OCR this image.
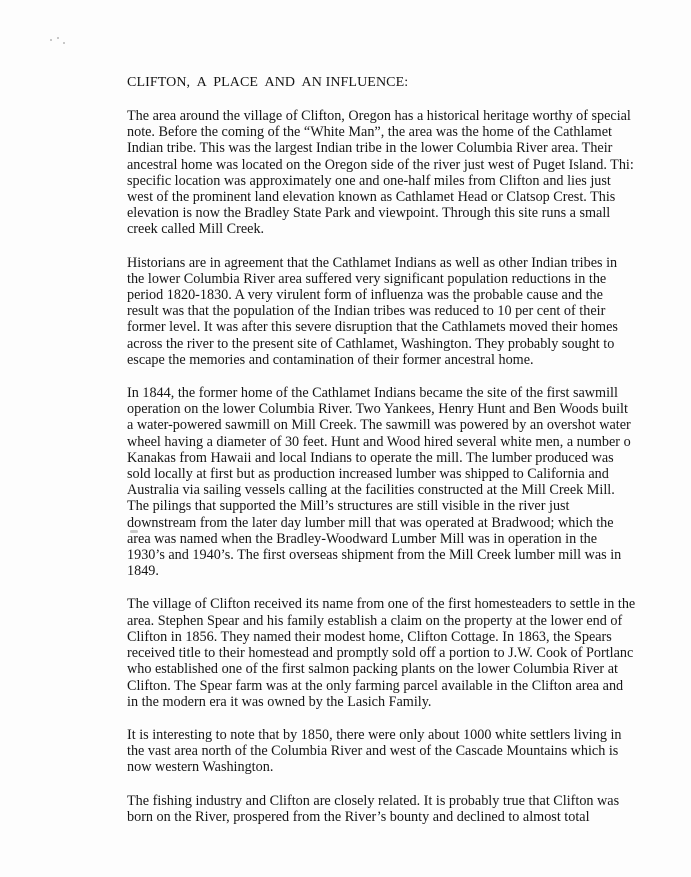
CLIFTON,  A  PLACE  AND  AN INFLUENCE:

The area around the village of Clifton, Oregon has a historical heritage worthy of special
note. Before the coming of the “White Man”, the area was the home of the Cathlamet
Indian tribe. This was the largest Indian tribe in the lower Columbia River area. Their
ancestral home was located on the Oregon side of the river just west of Puget Island. Thi:
specific location was approximately one and one-half miles from Clifton and lies just
west of the prominent land elevation known as Cathlamet Head or Clatsop Crest. This
elevation is now the Bradley State Park and viewpoint. Through this site runs a small
creek called Mill Creek.

Historians are in agreement that the Cathlamet Indians as well as other Indian tribes in
the lower Columbia River area suffered very significant population reductions in the
period 1820-1830. A very virulent form of influenza was the probable cause and the
result was that the population of the Indian tribes was reduced to 10 per cent of their
former level. It was after this severe disruption that the Cathlamets moved their homes
across the river to the present site of Cathlamet, Washington. They probably sought to
escape the memories and contamination of their former ancestral home.

In 1844, the former home of the Cathlamet Indians became the site of the first sawmill
operation on the lower Columbia River. Two Yankees, Henry Hunt and Ben Woods built
a water-powered sawmill on Mill Creek. The sawmill was powered by an overshot water
wheel having a diameter of 30 feet. Hunt and Wood hired several white men, a number o
Kanakas from Hawaii and local Indians to operate the mill. The lumber produced was
sold locally at first but as production increased lumber was shipped to California and
Australia via sailing vessels calling at the facilities constructed at the Mill Creek Mill.
The pilings that supported the Mill’s structures are still visible in the river just
downstream from the later day lumber mill that was operated at Bradwood; which the
area was named when the Bradley-Woodward Lumber Mill was in operation in the
1930’s and 1940’s. The first overseas shipment from the Mill Creek lumber mill was in
1849.

The village of Clifton received its name from one of the first homesteaders to settle in the
area. Stephen Spear and his family establish a claim on the property at the lower end of
Clifton in 1856. They named their modest home, Clifton Cottage. In 1863, the Spears
received title to their homestead and promptly sold off a portion to J.W. Cook of Portlanc
who established one of the first salmon packing plants on the lower Columbia River at
Clifton. The Spear farm was at the only farming parcel available in the Clifton area and
in the modern era it was owned by the Lasich Family.

It is interesting to note that by 1850, there were only about 1000 white settlers living in
the vast area north of the Columbia River and west of the Cascade Mountains which is
now western Washington.

The fishing industry and Clifton are closely related. It is probably true that Clifton was
born on the River, prospered from the River’s bounty and declined to almost total
